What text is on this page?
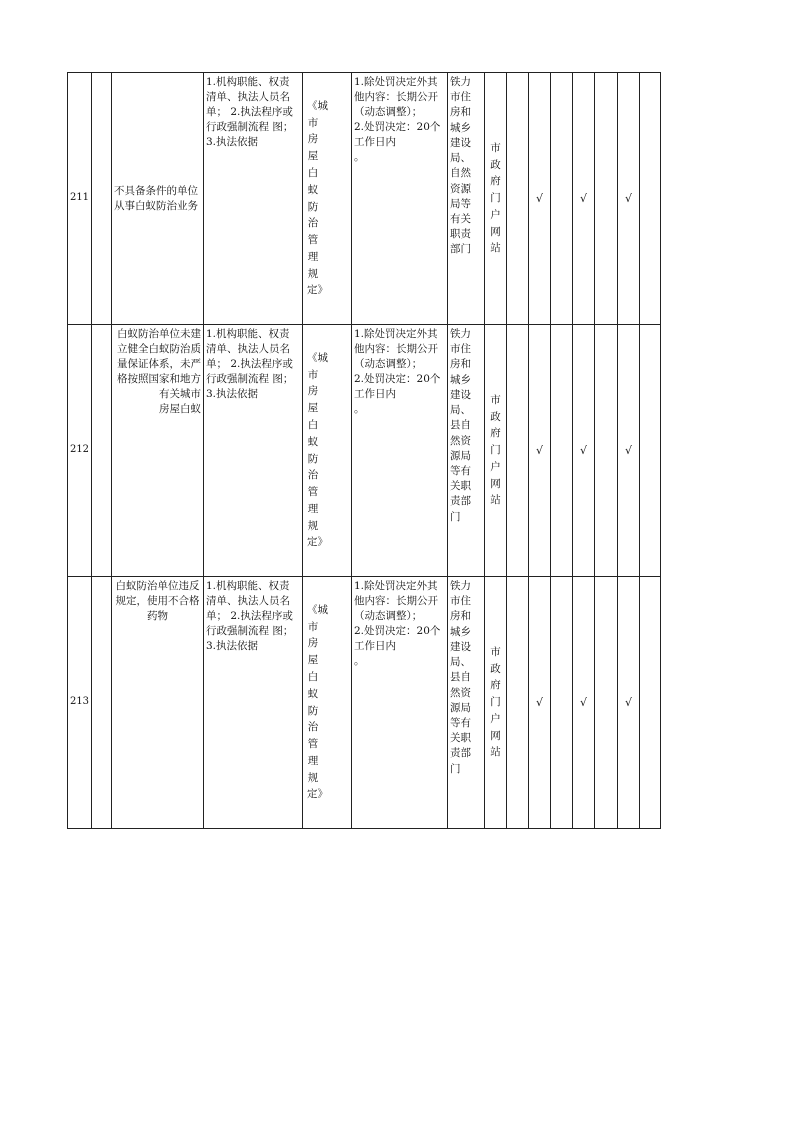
211		不具备条件的单位从事白蚁防治业务	1.机构职能、权责清单、执法人员名单； 2.执法程序或行政强制流程 图； 3.执法依据	《城市房屋白蚁防治管理规定》	1.除处罚决定外其他内容：长期公开
（动态调整）；
2.处罚决定：20个工作日内
。	铁力市住房和城乡建设局、自然资源局等有关职责部门	市政府门户网站		√		√		√	
212		白蚁防治单位未建立健全白蚁防治质量保证体系，未严格按照国家和地方有关城市
房屋白蚁	1.机构职能、权责清单、执法人员名单； 2.执法程序或行政强制流程 图； 3.执法依据	《城市房屋白蚁防治管理规定》	1.除处罚决定外其他内容：长期公开
（动态调整）；
2.处罚决定：20个工作日内
。	铁力市住房和城乡建设局、县自然资源局等有关职责部门	市政府门户网站		√		√		√	
213		白蚁防治单位违反规定，使用不合格药物	1.机构职能、权责清单、执法人员名单； 2.执法程序或行政强制流程 图； 3.执法依据	《城市房屋白蚁防治管理规定》	1.除处罚决定外其他内容：长期公开
（动态调整）；
2.处罚决定：20个工作日内
。	铁力市住房和城乡建设局、县自然资源局等有关职责部门	市政府门户网站		√		√		√	
